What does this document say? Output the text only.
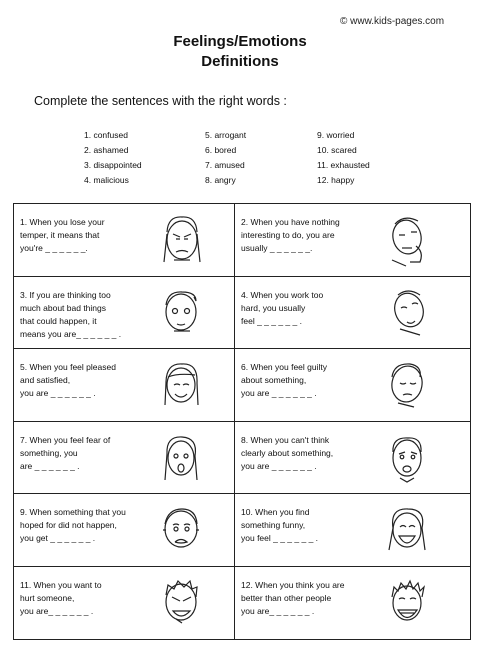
© www.kids-pages.com
Feelings/Emotions
Definitions
Complete the sentences with the right words :
1. confused
2. ashamed
3. disappointed
4. malicious
5. arrogant
6. bored
7. amused
8. angry
9. worried
10. scared
11. exhausted
12. happy
1. When you lose your
temper, it means that
you're _ _ _ _ _ _.
2. When you have nothing
interesting to do, you are
usually _ _ _ _ _ _.
3. If you are thinking too
much about bad things
that could happen, it
means you are_ _ _ _ _ _ .
4. When you work too
hard, you usually
feel _ _ _ _ _ _ .
5. When you feel pleased
and satisfied,
you are _ _ _ _ _ _ .
6. When you feel guilty
about something,
you are _ _ _ _ _ _ .
7. When you feel fear of
something, you
are _ _ _ _ _ _ .
8. When you can't think
clearly about something,
you are _ _ _ _ _ _ .
9. When something that you
hoped for did not happen,
you get _ _ _ _ _ _ .
10. When you find
something funny,
you feel _ _ _ _ _ _ .
11. When you want to
hurt someone,
you are_ _ _ _ _ _ .
12. When you think you are
better than other people
you are_ _ _ _ _ _ .
